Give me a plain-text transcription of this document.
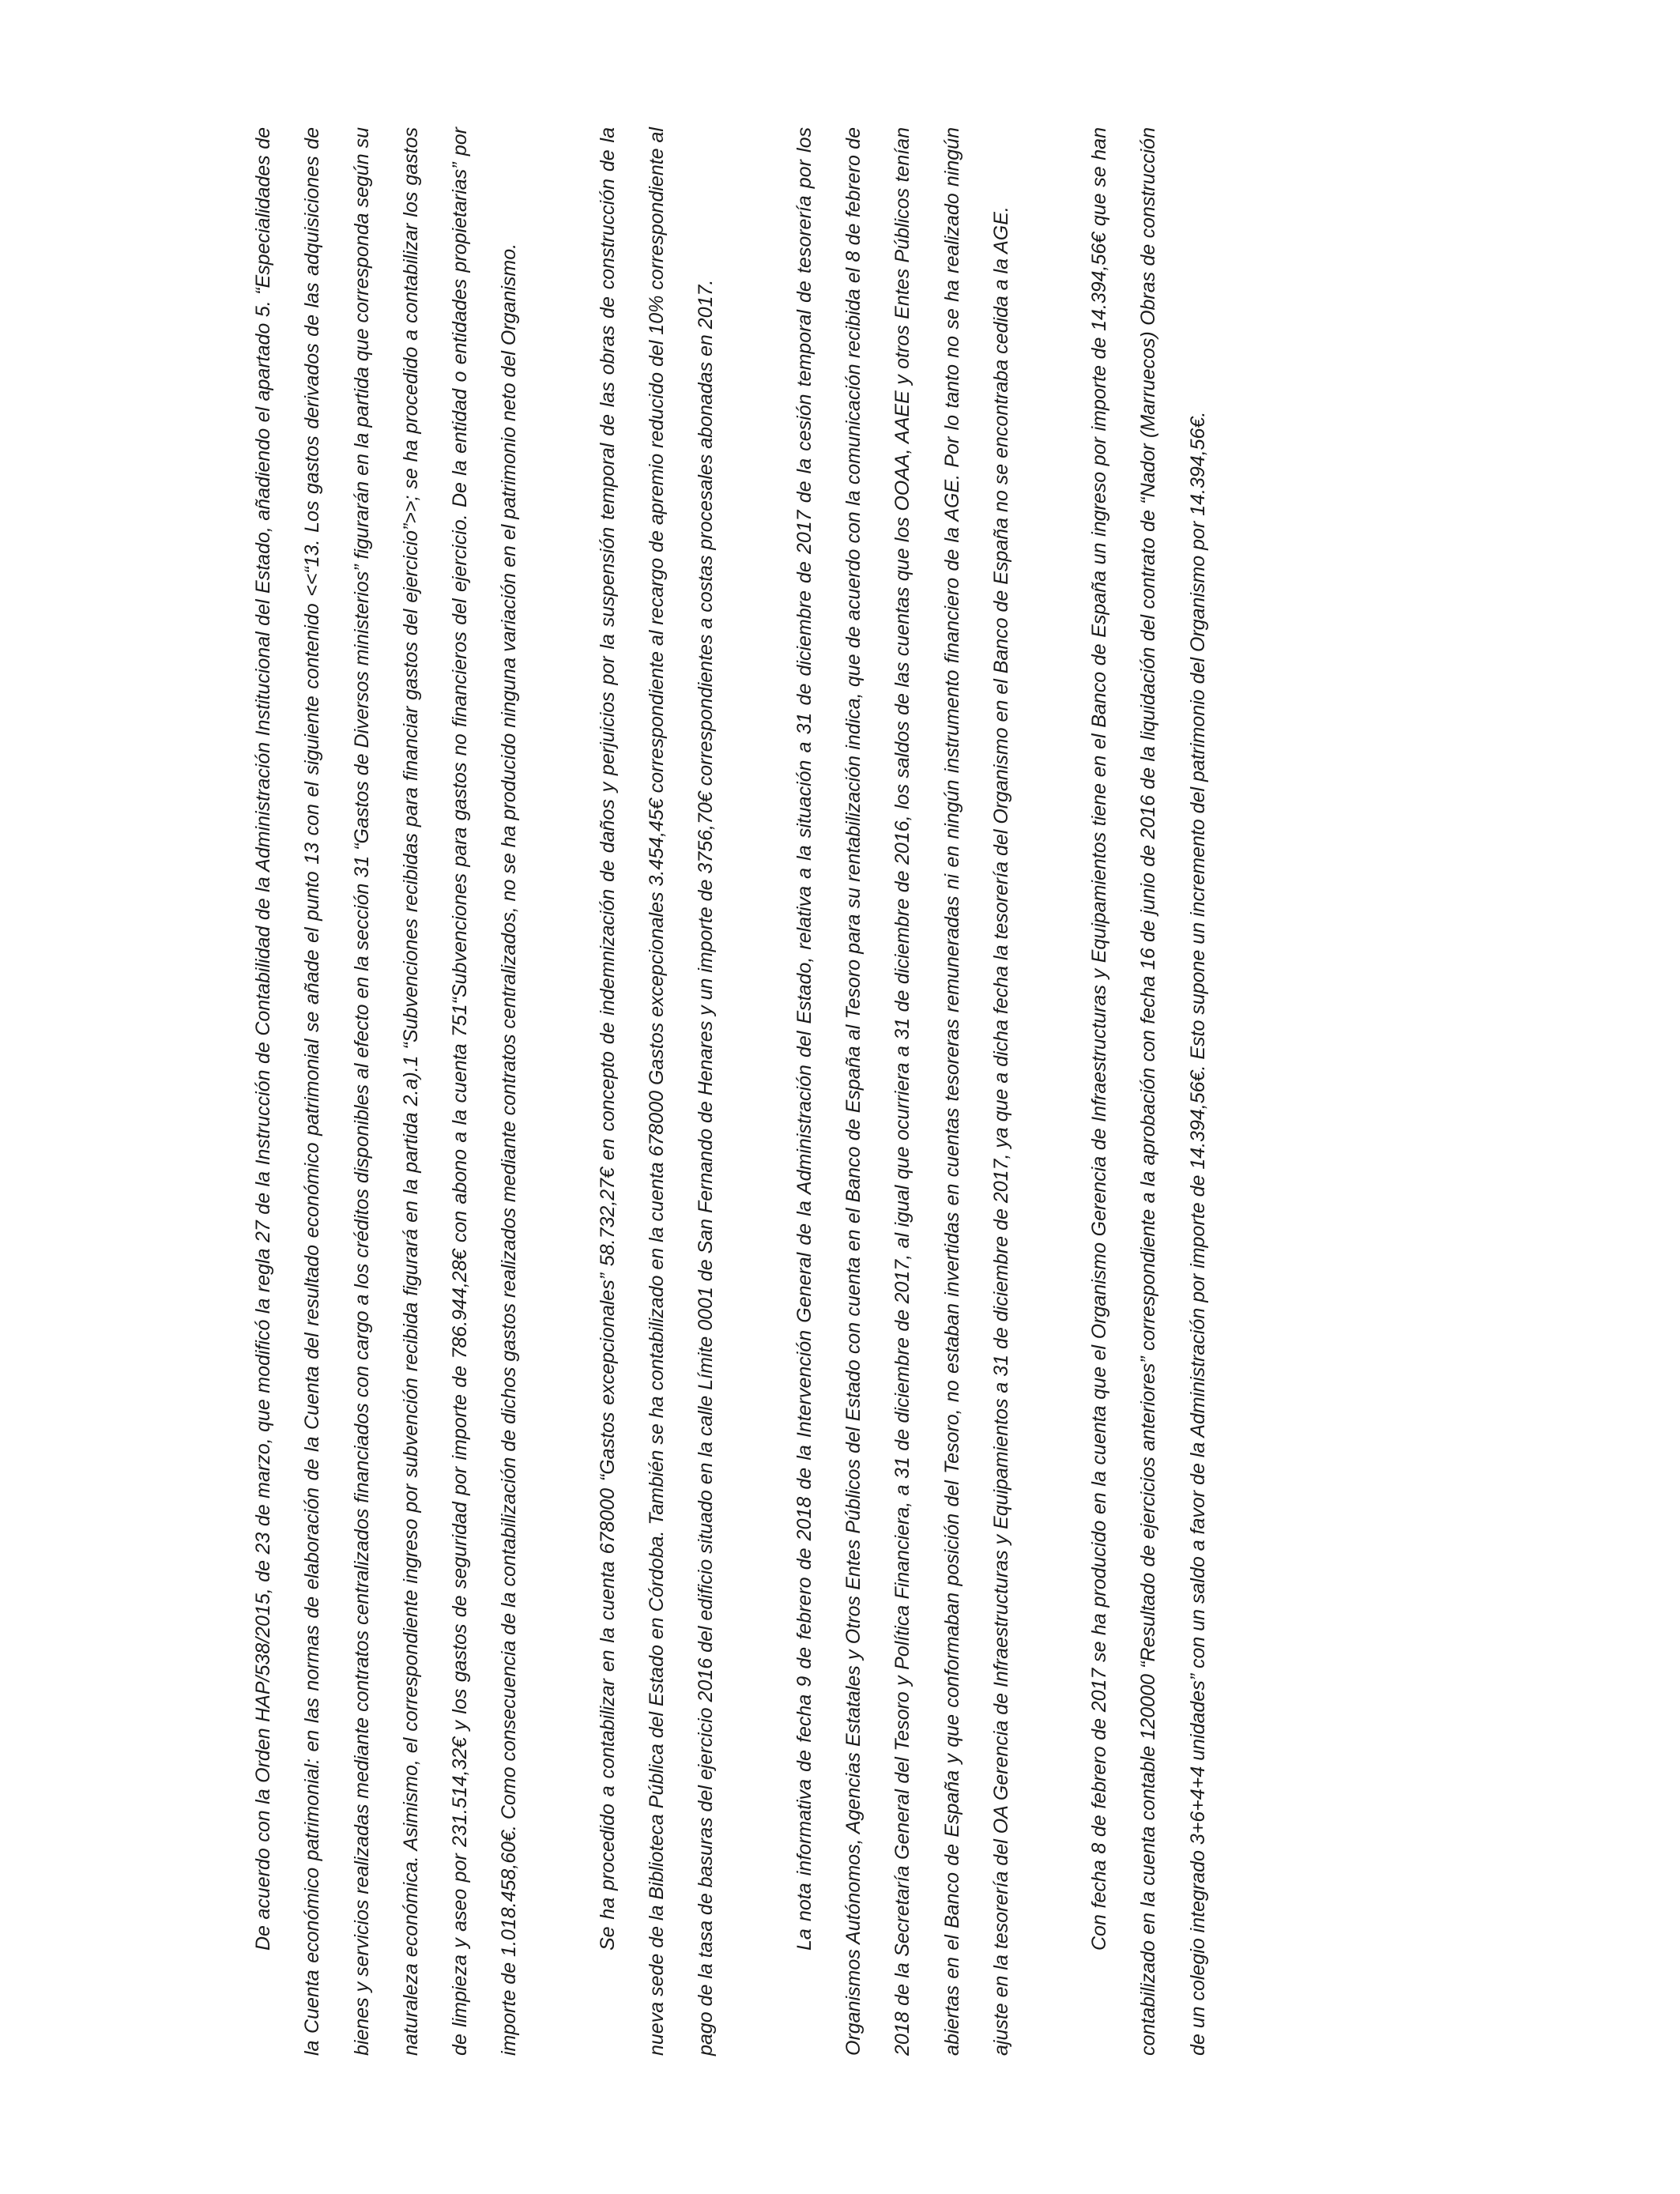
De acuerdo con la Orden HAP/538/2015, de 23 de marzo, que modificó la regla 27 de la Instrucción de Contabilidad de la Administración Institucional del Estado, añadiendo el apartado 5. “Especialidades de la Cuenta económico patrimonial: en las normas de elaboración de la Cuenta del resultado económico patrimonial se añade el punto 13 con el siguiente contenido <<“13. Los gastos derivados de las adquisiciones de bienes y servicios realizadas mediante contratos centralizados financiados con cargo a los créditos disponibles al efecto en la sección 31 “Gastos de Diversos ministerios” figurarán en la partida que corresponda según su naturaleza económica. Asimismo, el correspondiente ingreso por subvención recibida figurará en la partida 2.a).1 “Subvenciones recibidas para financiar gastos del ejercicio”>>; se ha procedido a contabilizar los gastos de limpieza y aseo por 231.514,32€ y los gastos de seguridad por importe de 786.944,28€ con abono a la cuenta 751“Subvenciones para gastos no financieros del ejercicio. De la entidad o entidades propietarias” por importe de 1.018.458,60€. Como consecuencia de la contabilización de dichos gastos realizados mediante contratos centralizados, no se ha producido ninguna variación en el patrimonio neto del Organismo.	Se ha procedido a contabilizar en la cuenta 678000 “Gastos excepcionales” 58.732,27€ en concepto de indemnización de daños y perjuicios por la suspensión temporal de las obras de construcción de la nueva sede de la Biblioteca Pública del Estado en Córdoba. También se ha contabilizado en la cuenta 678000 Gastos excepcionales 3.454,45€ correspondiente al recargo de apremio reducido del 10% correspondiente al pago de la tasa de basuras del ejercicio 2016 del edificio situado en la calle Límite 0001 de San Fernando de Henares y un importe de 3756,70€ correspondientes a costas procesales abonadas en 2017.	La nota informativa de fecha 9 de febrero de 2018 de la Intervención General de la Administración del Estado, relativa a la situación a 31 de diciembre de 2017 de la cesión temporal de tesorería por los Organismos Autónomos, Agencias Estatales y Otros Entes Públicos del Estado con cuenta en el Banco de España al Tesoro para su rentabilización indica, que de acuerdo con la comunicación recibida el 8 de febrero de 2018 de la Secretaría General del Tesoro y Política Financiera, a 31 de diciembre de 2017, al igual que ocurriera a 31 de diciembre de 2016, los saldos de las cuentas que los OOAA, AAEE y otros Entes Públicos tenían abiertas en el Banco de España y que conformaban posición del Tesoro, no estaban invertidas en cuentas tesoreras remuneradas ni en ningún instrumento financiero de la AGE. Por lo tanto no se ha realizado ningún ajuste en la tesorería del OA Gerencia de Infraestructuras y Equipamientos a 31 de diciembre de 2017, ya que a dicha fecha la tesorería del Organismo en el Banco de España no se encontraba cedida a la AGE.	Con fecha 8 de febrero de 2017 se ha producido en la cuenta que el Organismo Gerencia de Infraestructuras y Equipamientos tiene en el Banco de España un ingreso por importe de 14.394,56€ que se han contabilizado en la cuenta contable 120000 “Resultado de ejercicios anteriores” correspondiente a la aprobación con fecha 16 de junio de 2016 de la liquidación del contrato de “Nador (Marruecos) Obras de construcción de un colegio integrado 3+6+4+4 unidades” con un saldo a favor de la Administración por importe de 14.394,56€. Esto supone un incremento del patrimonio del Organismo por 14.394,56€.
